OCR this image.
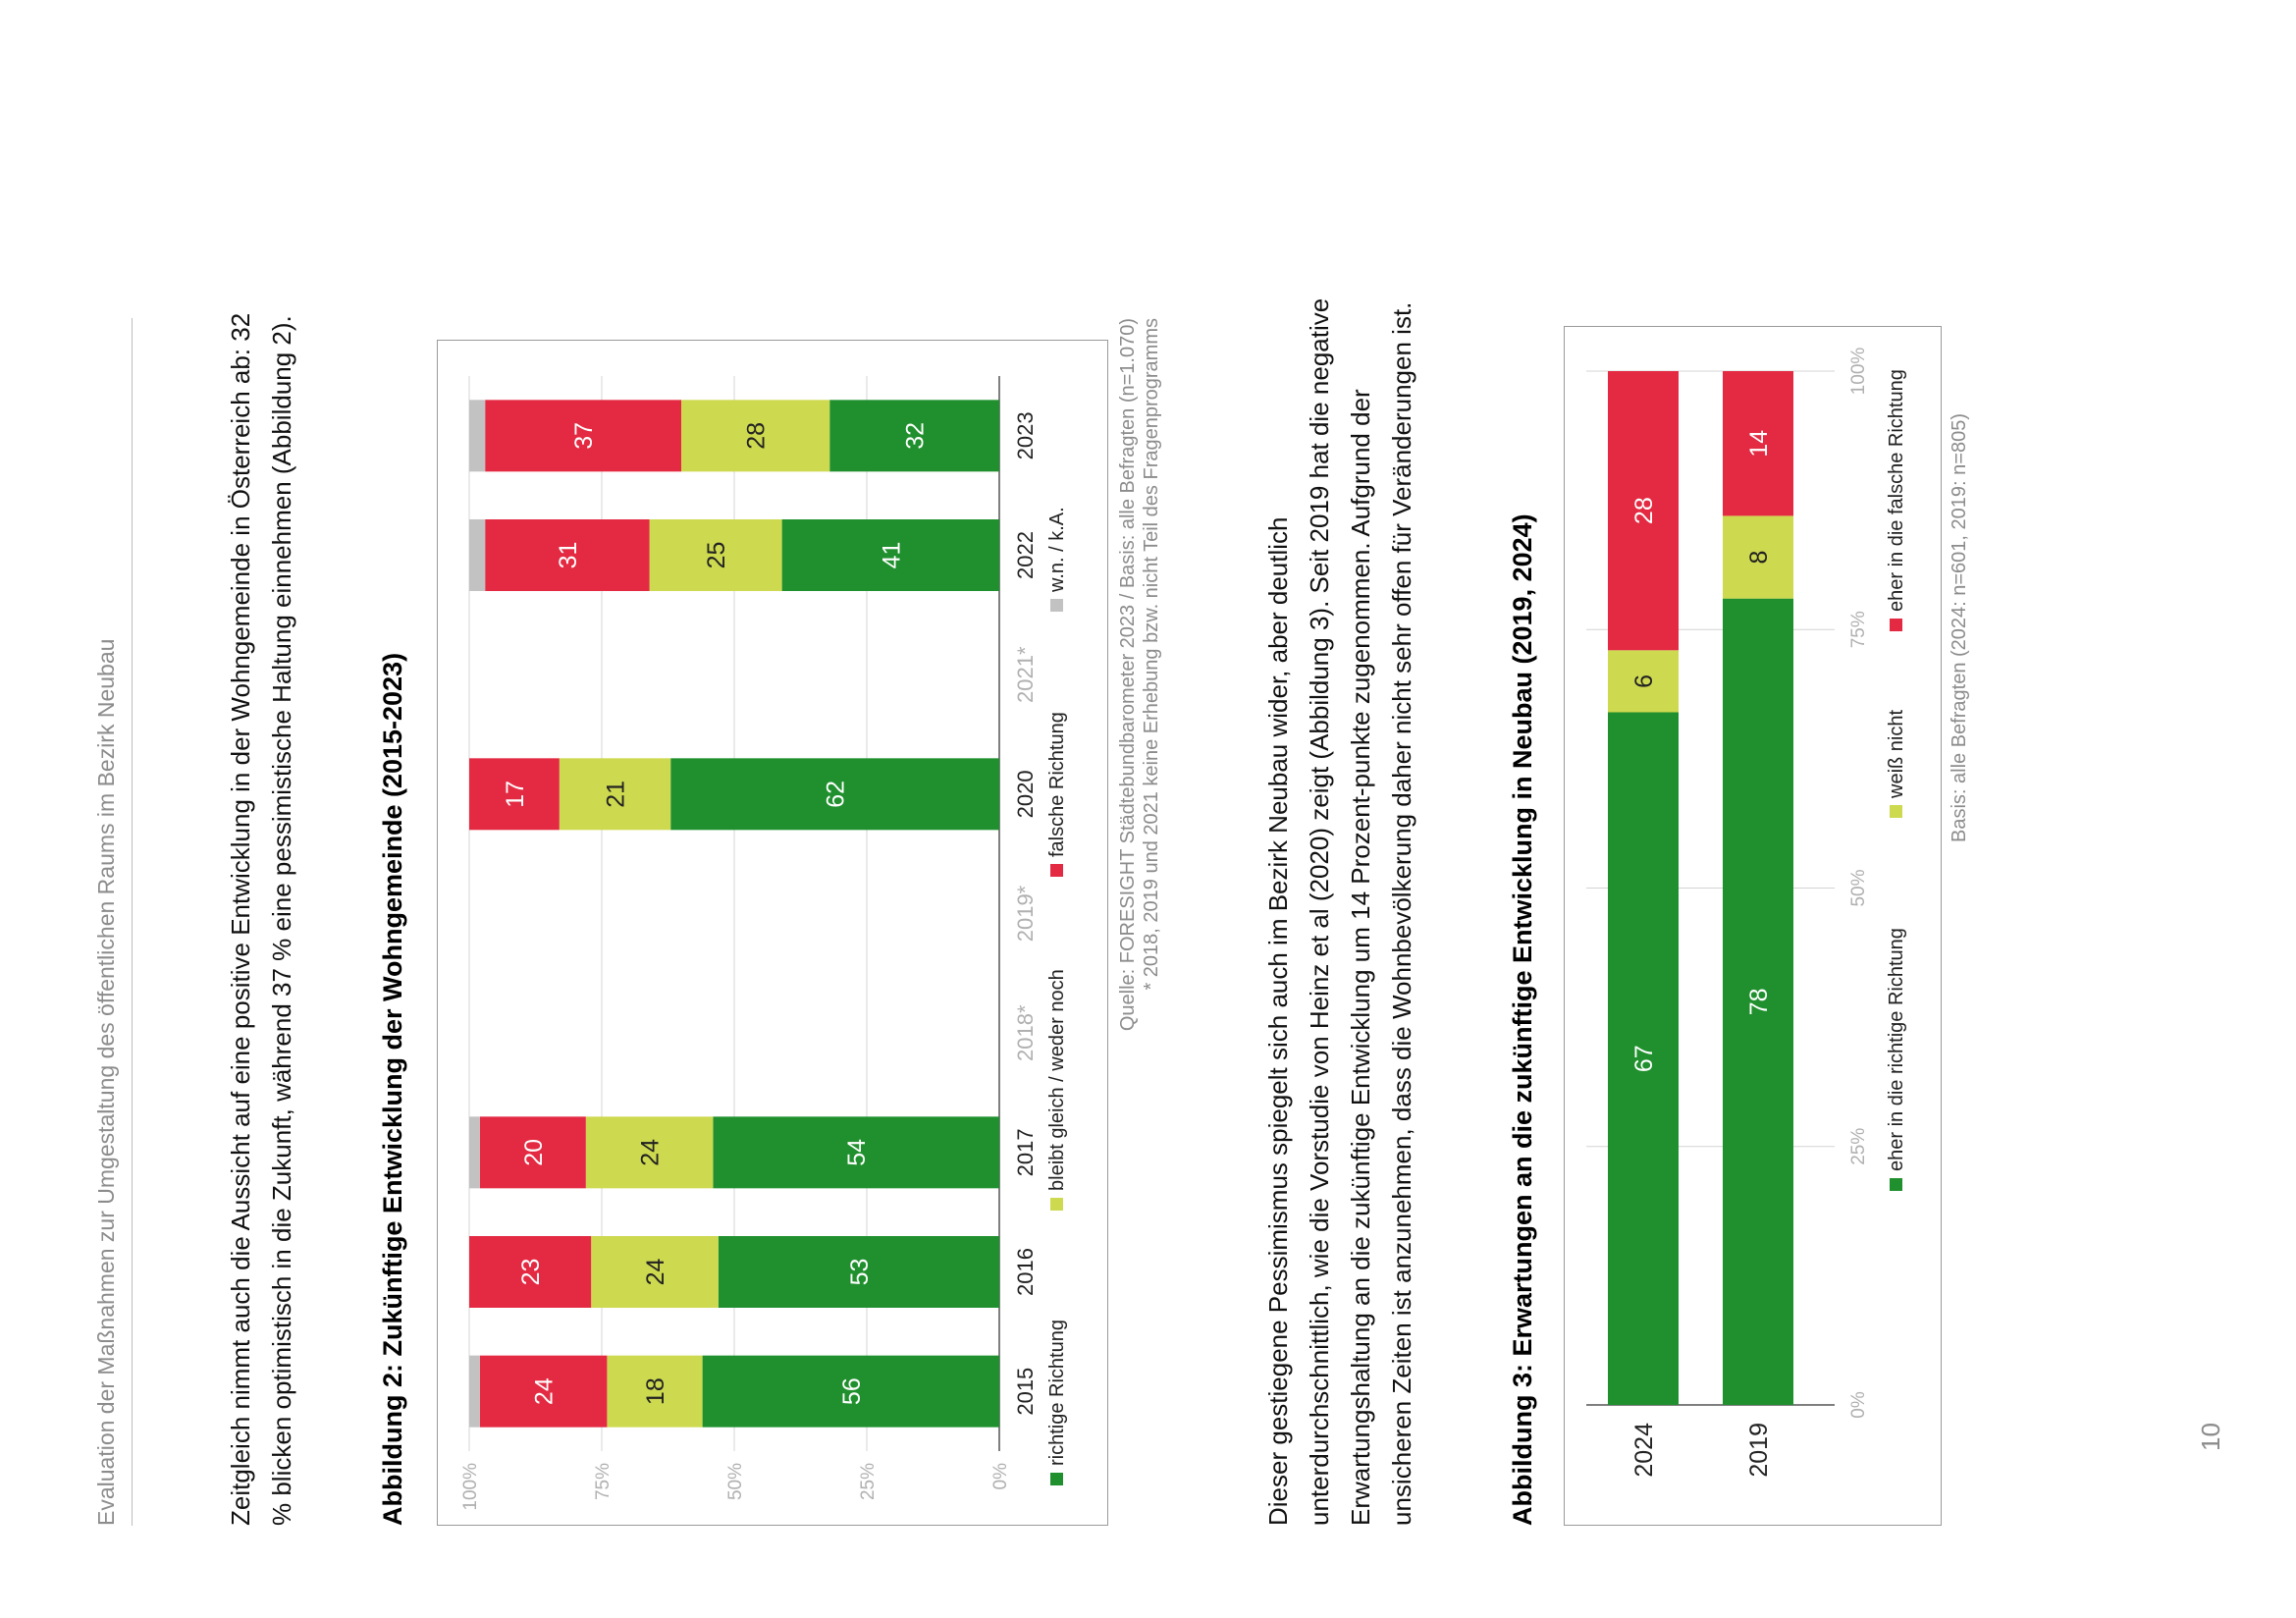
Evaluation der Maßnahmen zur Umgestaltung des öffentlichen Raums im Bezirk Neubau	Zeitgleich nimmt auch die Aussicht auf eine positive Entwicklung in der Wohngemeinde in Österreich ab: 32 % blicken optimistisch in die Zukunft, während 37 % eine pessimistische Haltung einnehmen (Abbildung 2).	Abbildung 2: Zukünftige Entwicklung der Wohngemeinde (2015-2023)	0%
25%
50%
75%
100%
2015
56
18
24
2016
53
24
23
2017
54
24
20
2018*
2019*
2020
62
21
17
2021*
2022
41
25
31
2023
32
28
37
richtige Richtung
bleibt gleich / weder noch
falsche Richtung
w.n. / k.A.	Quelle: FORESIGHT Städtebundbarometer 2023 / Basis: alle Befragten (n=1.070) * 2018, 2019 und 2021 keine Erhebung bzw. nicht Teil des Fragenprogramms	Dieser gestiegene Pessimismus spiegelt sich auch im Bezirk Neubau wider, aber deutlich unterdurchschnittlich, wie die Vorstudie von Heinz et al (2020) zeigt (Abbildung 3). Seit 2019 hat die negative Erwartungshaltung an die zukünftige Entwicklung um 14 Prozent-punkte zugenommen. Aufgrund der unsicheren Zeiten ist anzunehmen, dass die Wohnbevölkerung daher nicht sehr offen für Veränderungen ist.	Abbildung 3: Erwartungen an die zukünftige Entwicklung in Neubau (2019, 2024)	0%
25%
50%
75%
100%
2024
67
6
28
2019
78
8
14
eher in die richtige Richtung
weiß nicht
eher in die falsche Richtung Basis: alle Befragten (2024: n=601, 2019: n=805)
10
